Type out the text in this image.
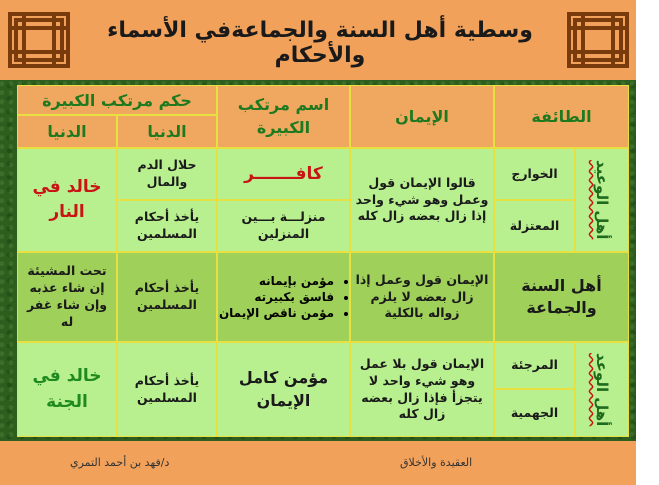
وسطية أهل السنة والجماعةفي الأسماء والأحكام
الطائفة
الإيمان
اسم مرتكب الكبيرة
حكم مرتكب الكبيرة
الدنيا
الدنيا
أهل الوعيد
الخوارج
المعتزلة
قالوا الإيمان قول وعمل وهو شيء واحد إذا زال بعضه زال كله
كافـــــــر
منزلـــة بـــين المنزلين
حلال الدم والمال
يأخذ أحكام المسلمين
خالد في النار
أهل السنة والجماعة
الإيمان قول وعمل إذا زال بعضه لا يلزم زواله بالكلية
• مؤمن بإيمانه
• فاسق بكبيرته
• مؤمن ناقص الإيمان
يأخذ أحكام المسلمين
تحت المشيئة إن شاء عذبه وإن شاء غفر له
أهل الوعد
المرجئة
الجهمية
الإيمان قول بلا عمل وهو شيء واحد لا يتجزأ فإذا زال بعضه زال كله
مؤمن كامل الإيمان
يأخذ أحكام المسلمين
خالد في الجنة
د/فهد بن أحمد التمري	العقيدة والأخلاق
